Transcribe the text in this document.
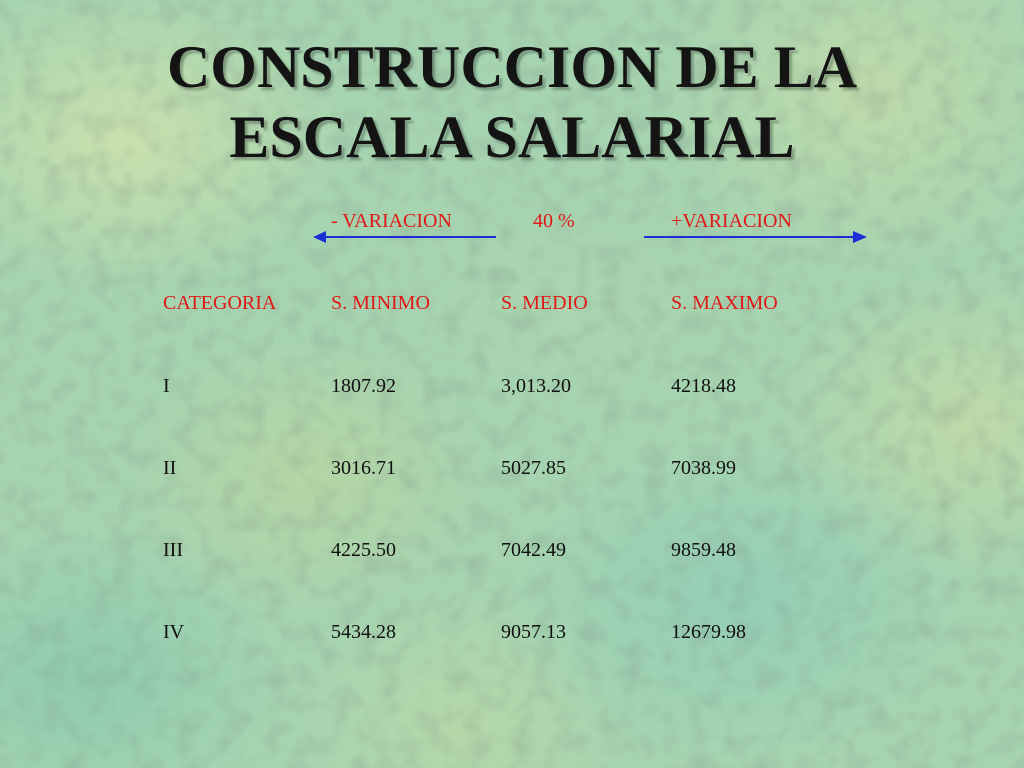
CONSTRUCCION DE LA
ESCALA SALARIAL
- VARIACION	40 %	+VARIACION
CATEGORIA	S. MINIMO	S. MEDIO	S. MAXIMO
I	1807.92	3,013.20	4218.48
II	3016.71	5027.85	7038.99
III	4225.50	7042.49	9859.48
IV	5434.28	9057.13	12679.98
